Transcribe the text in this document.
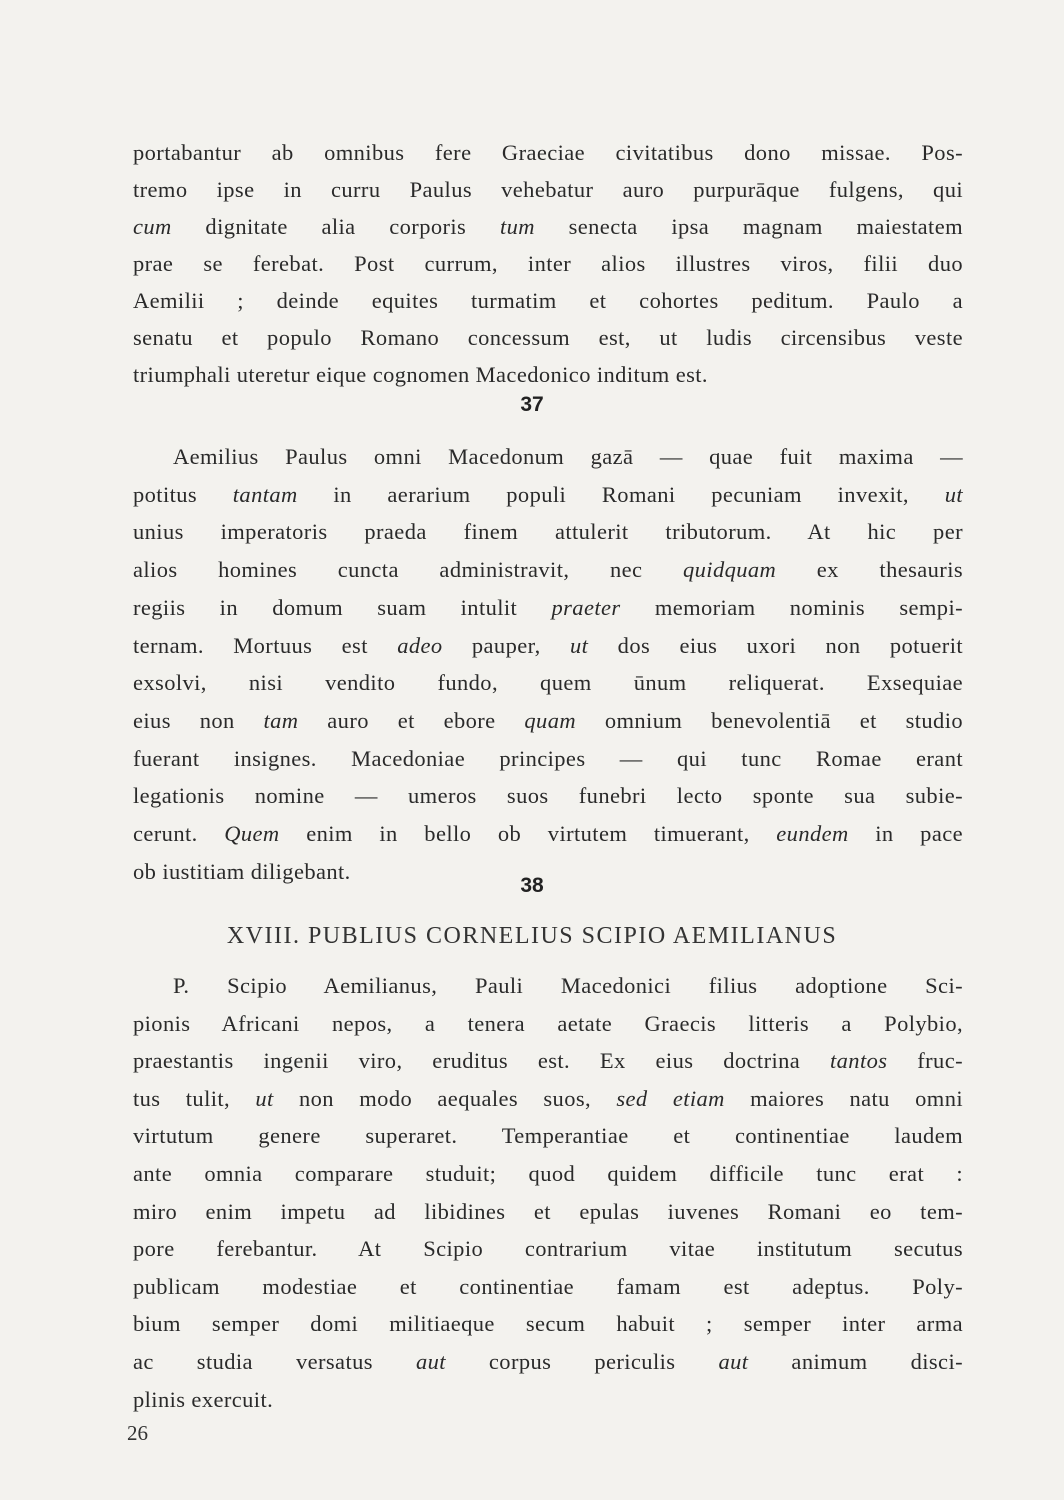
portabantur ab omnibus fere Graeciae civitatibus dono missae. Pos-
tremo ipse in curru Paulus vehebatur auro purpurāque fulgens, qui
cum dignitate alia corporis tum senecta ipsa magnam maiestatem
prae se ferebat. Post currum, inter alios illustres viros, filii duo
Aemilii ; deinde equites turmatim et cohortes peditum. Paulo a
senatu et populo Romano concessum est, ut ludis circensibus veste
triumphali uteretur eique cognomen Macedonico inditum est.
37
Aemilius Paulus omni Macedonum gazā — quae fuit maxima —
potitus tantam in aerarium populi Romani pecuniam invexit, ut
unius imperatoris praeda finem attulerit tributorum. At hic per
alios homines cuncta administravit, nec quidquam ex thesauris
regiis in domum suam intulit praeter memoriam nominis sempi-
ternam. Mortuus est adeo pauper, ut dos eius uxori non potuerit
exsolvi, nisi vendito fundo, quem ūnum reliquerat. Exsequiae
eius non tam auro et ebore quam omnium benevolentiā et studio
fuerant insignes. Macedoniae principes — qui tunc Romae erant
legationis nomine — umeros suos funebri lecto sponte sua subie-
cerunt. Quem enim in bello ob virtutem timuerant, eundem in pace
ob iustitiam diligebant.
38
XVIII. PUBLIUS CORNELIUS SCIPIO AEMILIANUS
P. Scipio Aemilianus, Pauli Macedonici filius adoptione Sci-
pionis Africani nepos, a tenera aetate Graecis litteris a Polybio,
praestantis ingenii viro, eruditus est. Ex eius doctrina tantos fruc-
tus tulit, ut non modo aequales suos, sed etiam maiores natu omni
virtutum genere superaret. Temperantiae et continentiae laudem
ante omnia comparare studuit; quod quidem difficile tunc erat :
miro enim impetu ad libidines et epulas iuvenes Romani eo tem-
pore ferebantur. At Scipio contrarium vitae institutum secutus
publicam modestiae et continentiae famam est adeptus. Poly-
bium semper domi militiaeque secum habuit ; semper inter arma
ac studia versatus aut corpus periculis aut animum disci-
plinis exercuit.
26
